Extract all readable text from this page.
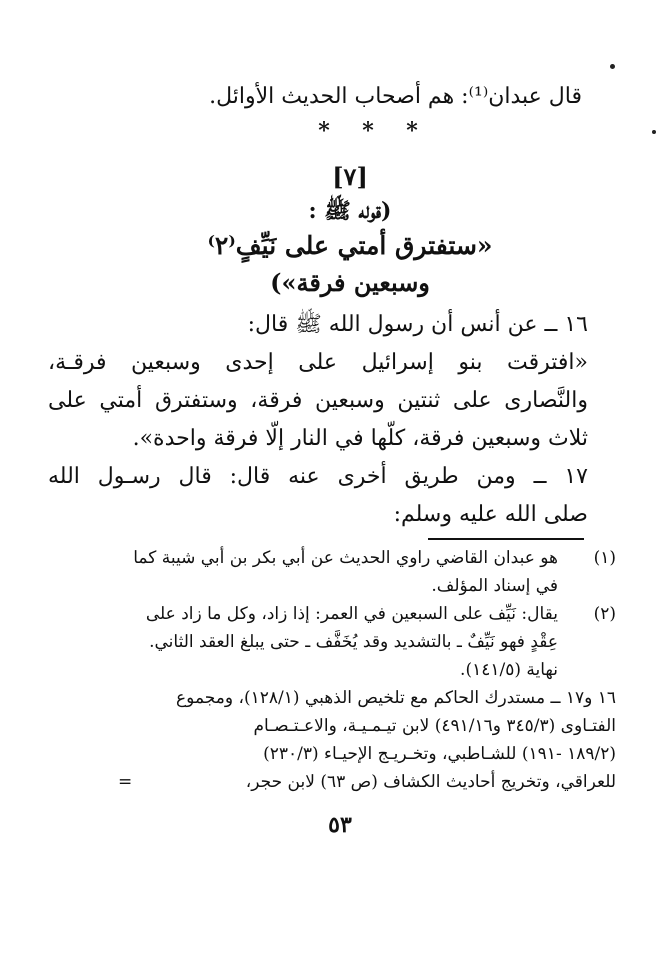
قال عبدان⁽¹⁾: هم أصحاب الحديث الأوائل.
* * *
[٧]
(قوله ﷺ :
«ستفترق أمتي على نَيِّفٍ⁽٢⁾
وسبعين فرقة»)
١٦ ــ عن أنس أن رسول الله ﷺ قال:
«افترقت بنو إسرائيل على إحدى وسبعين فرقـة،
والنَّصارى على ثنتين وسبعين فرقة، وستفترق أمتي على
ثلاث وسبعين فرقة، كلّها في النار إلّا فرقة واحدة».
١٧ ــ ومن طريق أخرى عنه قال: قال رسـول الله
صلى الله عليه وسلم:
(١)
هو عبدان القاضي راوي الحديث عن أبي بكر بن أبي شيبة كما
في إسناد المؤلف.
(٢)
يقال: نَيِّف على السبعين في العمر: إذا زاد، وكل ما زاد على
عِقْدٍ فهو نَيِّفٌ ـ بالتشديد وقد يُخَفَّف ـ حتى يبلغ العقد الثاني.
نهاية (١٤١/٥).
١٦ و١٧ ــ مستدرك الحاكم مع تلخيص الذهبي (١٢٨/١)، ومجموع
الفتـاوى (٣٤٥/٣ و٤٩١/١٦) لابن تيـمـيـة، والاعـتـصـام
(١٨٩/٢ -١٩١) للشـاطبي، وتخـريـج الإحيـاء (٢٣٠/٣)
للعراقي، وتخريج أحاديث الكشاف (ص ٦٣) لابن حجر،
=
٥٣
